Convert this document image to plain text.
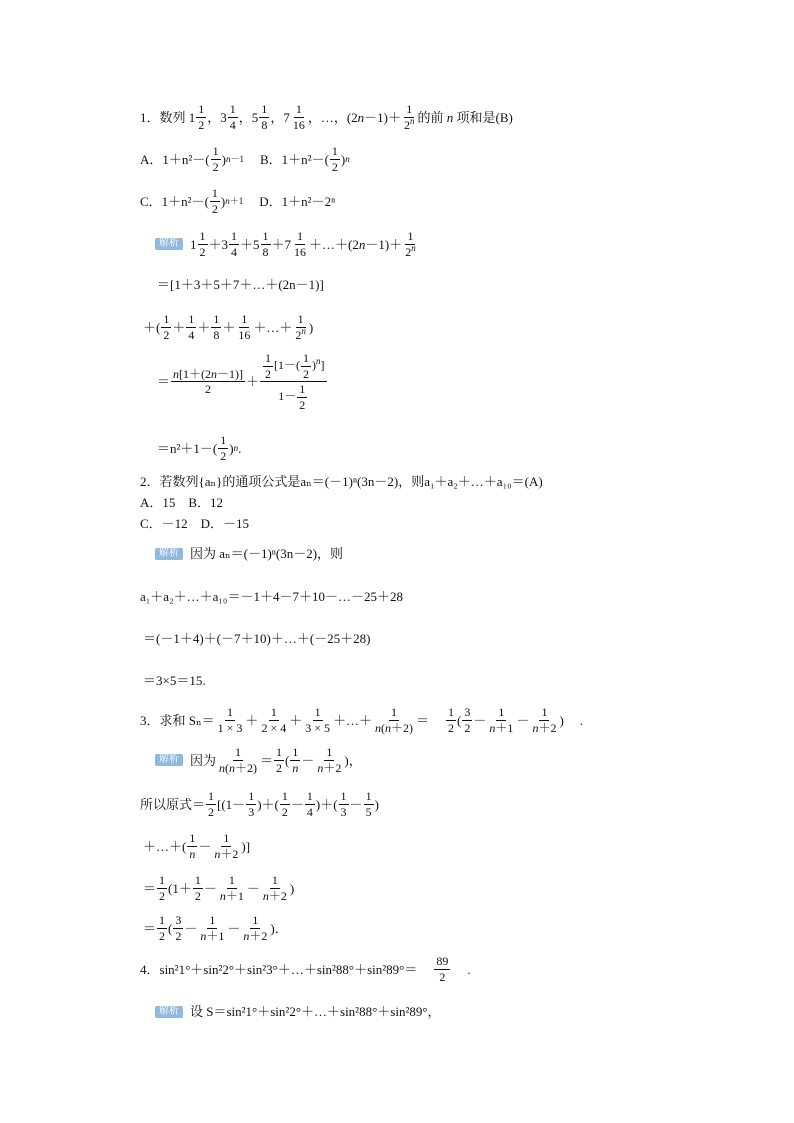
1． 数列 $1 \frac{1}{2}$ ，$3 \frac{1}{4}$ ，$5 \frac{1}{8}$ ，$7 \frac{1}{16}$ ，…，(2 $n -1)+ \frac{1}{2^n}$ 的前
n
项和是(B)
A．1＋n²－ ( $\frac{1}{2}$ ) n－1 B．1＋n²－ ( $\frac{1}{2}$ ) n
C．1＋n²－ ( $\frac{1}{2}$ ) n＋1 D．1＋n²－2ⁿ
解析 $1 \frac{1}{2} +3 \frac{1}{4} +5 \frac{1}{8} +7 \frac{1}{16}$ ＋…＋(2 $n -1)+ \frac{1}{2^n}$
＝[1＋3＋5＋7＋…＋(2n－1)]
＋( $\frac{1}{2} + \frac{1}{4} + \frac{1}{8} + \frac{1}{16}$ ＋…＋ $\frac{1}{2^n}$ )
＝ $\frac{n[1+(2n-1)]}{2} + \frac{\frac{1}{2} [1-( \frac{1}{2} )^n]}{1- \frac{1}{2}}$
＝n²＋1－ ( $\frac{1}{2}$ ) n .
2． 若数列{aₙ}的通项公式是aₙ＝(－1)ⁿ(3n－2)，则a₁＋a₂＋…＋a₁₀＝(A)
A．15　B．12
C．－12　D．－15
解析 因为 aₙ＝(－1)ⁿ(3n－2)，则
a₁＋a₂＋…＋a₁₀＝－1＋4－7＋10－…－25＋28
＝(－1＋4)＋(－7＋10)＋…＋(－25＋28)
＝3×5＝15.
3． 求和
$S_n= \frac{1}{1 \times 3} + \frac{1}{2 \times 4} + \frac{1}{3 \times 5}$ ＋…＋ $\frac{1}{n(n+2)} = \frac{1}{2}$ ( $\frac{3}{2} - \frac{1}{n+1} - \frac{1}{n+2}$ ) .
解析 因为 $\frac{1}{n(n+2)} = \frac{1}{2}$ ( $\frac{1}{n} - \frac{1}{n+2}$ )，
所以原式＝ $\frac{1}{2} [(1- \frac{1}{3}$ )＋( $\frac{1}{2} - \frac{1}{4}$ )＋( $\frac{1}{3} - \frac{1}{5}$ )
＋…＋( $\frac{1}{n} - \frac{1}{n+2}$ )]
＝ $\frac{1}{2} (1+ \frac{1}{2} - \frac{1}{n+1} - \frac{1}{n+2}$ )
＝ $\frac{1}{2}$ ( $\frac{3}{2} - \frac{1}{n+1} - \frac{1}{n+2}$ )．
4． sin²1°＋sin²2°＋sin²3°＋…＋sin²88°＋sin²89°＝ $\frac{89}{2}$ .
解析 设 S＝sin²1°＋sin²2°＋…＋sin²88°＋sin²89°，
